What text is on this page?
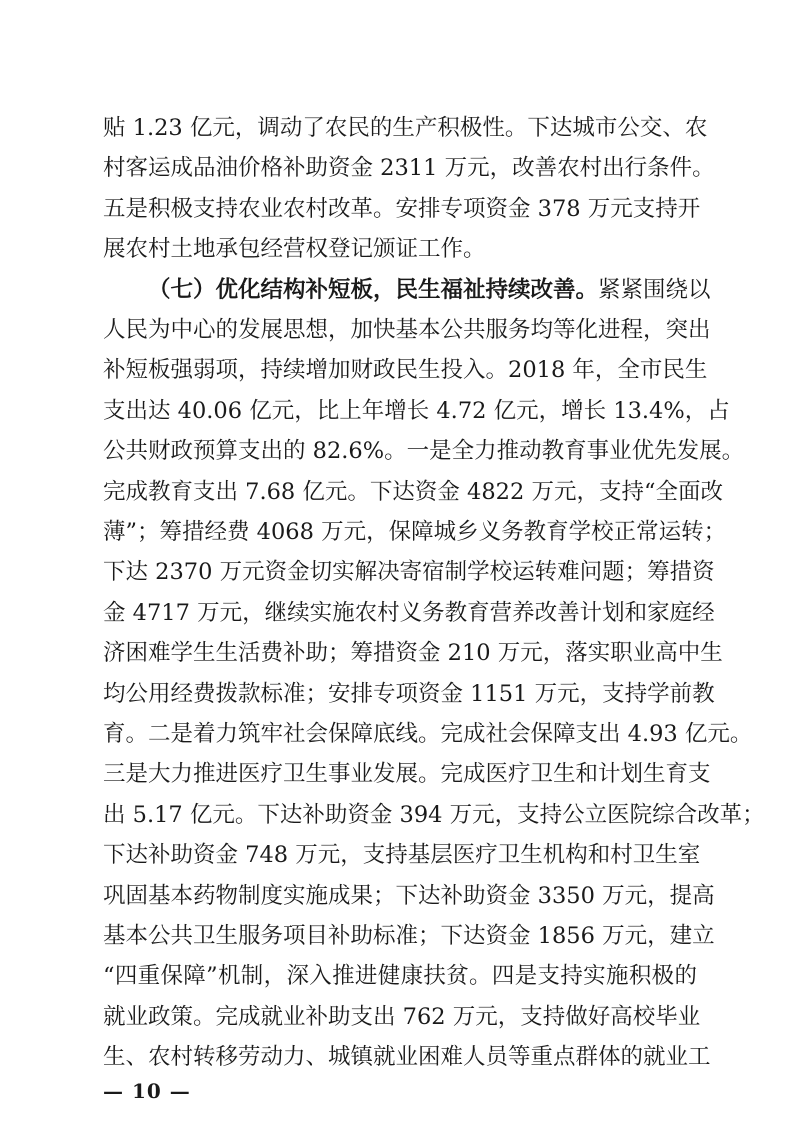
贴 1.23 亿元，调动了农民的生产积极性。下达城市公交、农
村客运成品油价格补助资金 2311 万元，改善农村出行条件。
五是积极支持农业农村改革。安排专项资金 378 万元支持开
展农村土地承包经营权登记颁证工作。
（七）优化结构补短板，民生福祉持续改善。紧紧围绕以
人民为中心的发展思想，加快基本公共服务均等化进程，突出
补短板强弱项，持续增加财政民生投入。2018 年，全市民生
支出达 40.06 亿元，比上年增长 4.72 亿元，增长 13.4%，占
公共财政预算支出的 82.6%。一是全力推动教育事业优先发展。
完成教育支出 7.68 亿元。下达资金 4822 万元，支持“全面改
薄”；筹措经费 4068 万元，保障城乡义务教育学校正常运转；
下达 2370 万元资金切实解决寄宿制学校运转难问题；筹措资
金 4717 万元，继续实施农村义务教育营养改善计划和家庭经
济困难学生生活费补助；筹措资金 210 万元，落实职业高中生
均公用经费拨款标准；安排专项资金 1151 万元，支持学前教
育。二是着力筑牢社会保障底线。完成社会保障支出 4.93 亿元。
三是大力推进医疗卫生事业发展。完成医疗卫生和计划生育支
出 5.17 亿元。下达补助资金 394 万元，支持公立医院综合改革；
下达补助资金 748 万元，支持基层医疗卫生机构和村卫生室
巩固基本药物制度实施成果；下达补助资金 3350 万元，提高
基本公共卫生服务项目补助标准；下达资金 1856 万元，建立
“四重保障”机制，深入推进健康扶贫。四是支持实施积极的
就业政策。完成就业补助支出 762 万元，支持做好高校毕业
生、农村转移劳动力、城镇就业困难人员等重点群体的就业工
— 10 —
